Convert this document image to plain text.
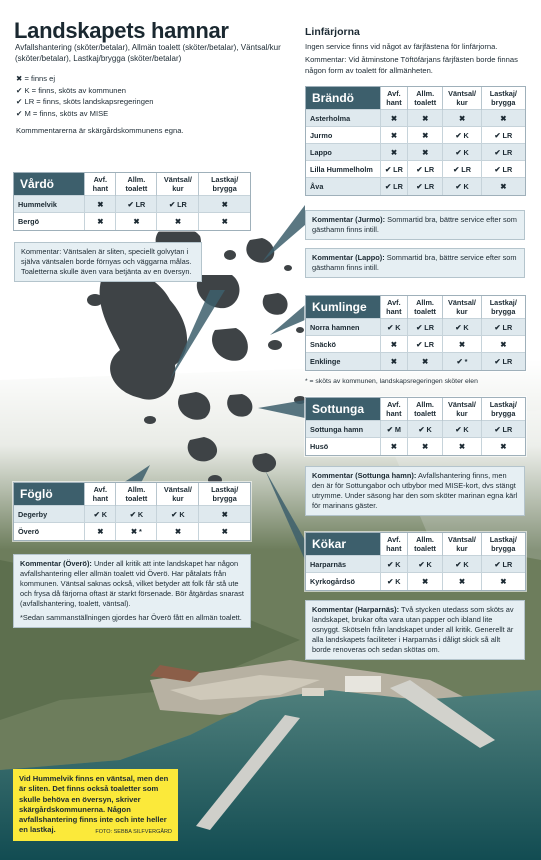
Landskapets hamnar
Avfallshantering (sköter/betalar), Allmän toalett (sköter/betalar), Väntsal/kur (sköter/betalar), Lastkaj/brygga (sköter/betalar)
✖ = finns ej
✔ K = finns, sköts av kommunen
✔ LR = finns, sköts landskapsregeringen
✔ M = finns, sköts av MISE
Kommmentarerna är skärgårdskommunens egna.
Linfärjorna
Ingen service finns vid något av färjfästena för linfärjorna.
Kommentar: Vid åtminstone Töftöfärjans färjfästen borde finnas någon form av toalett för allmänheten.
Vårdö	Avf. hant	Allm. toalett	Väntsal/ kur	Lastkaj/ brygga
Hummelvik	✖	✔ LR	✔ LR	✖
Bergö	✖	✖	✖	✖
Kommentar: Väntsalen är sliten, speciellt golvytan i själva väntsalen borde förnyas och väggarna målas. Toaletterna skulle även vara betjänta av en översyn.
Brändö	Avf. hant	Allm. toalett	Väntsal/ kur	Lastkaj/ brygga
Asterholma	✖	✖	✖	✖
Jurmo	✖	✖	✔ K	✔ LR
Lappo	✖	✖	✔ K	✔ LR
Lilla Hummelholm	✔ LR	✔ LR	✔ LR	✔ LR
Åva	✔ LR	✔ LR	✔ K	✖
Kommentar (Jurmo): Sommartid bra, bättre service efter som gästhamn finns intill.
Kommentar (Lappo): Sommartid bra, bättre service efter som gästhamn finns intill.
Kumlinge	Avf. hant	Allm. toalett	Väntsal/ kur	Lastkaj/ brygga
Norra hamnen	✔ K	✔ LR	✔ K	✔ LR
Snäckö	✖	✔ LR	✖	✖
Enklinge	✖	✖	✔ *	✔ LR
* = sköts av kommunen, landskapsregeringen sköter elen
Sottunga	Avf. hant	Allm. toalett	Väntsal/ kur	Lastkaj/ brygga
Sottunga hamn	✔ M	✔ K	✔ K	✔ LR
Husö	✖	✖	✖	✖
Kommentar (Sottunga hamn): Avfallshantering finns, men den är för Sottungabor och utbybor med MISE-kort, dvs stängt utrymme. Under säsong har den som sköter marinan egna kärl för marinans gäster.
Föglö	Avf. hant	Allm. toalett	Väntsal/ kur	Lastkaj/ brygga
Degerby	✔ K	✔ K	✔ K	✖
Överö	✖	✖ *	✖	✖
Kommentar (Överö): Under all kritik att inte landskapet har någon avfallshantering eller allmän toalett vid Överö. Har påtalats från kommunen. Väntsal saknas också, vilket betyder att folk får stå ute och frysa då färjorna oftast är starkt försenade. Bör åtgärdas snarast (avfallshantering, toalett, väntsal).
*Sedan sammanställningen gjordes har Överö fått en allmän toalett.
Kökar	Avf. hant	Allm. toalett	Väntsal/ kur	Lastkaj/ brygga
Harparnäs	✔ K	✔ K	✔ K	✔ LR
Kyrkogårdsö	✔ K	✖	✖	✖
Kommentar (Harparnäs): Två stycken utedass som sköts av landskapet, brukar ofta vara utan papper och ibland lite osnyggt. Skötseln från landskapet under all kritik. Generellt är alla landskapets faciliteter i Harparnäs i dåligt skick så allt borde renoveras och sedan skötas om.
Vid Hummelvik finns en väntsal, men den är sliten. Det finns också toaletter som skulle behöva en översyn, skriver skärgårdskommunerna. Någon avfallshantering finns inte och inte heller en lastkaj.	FOTO: SEBBA SILFVERGÅRD
